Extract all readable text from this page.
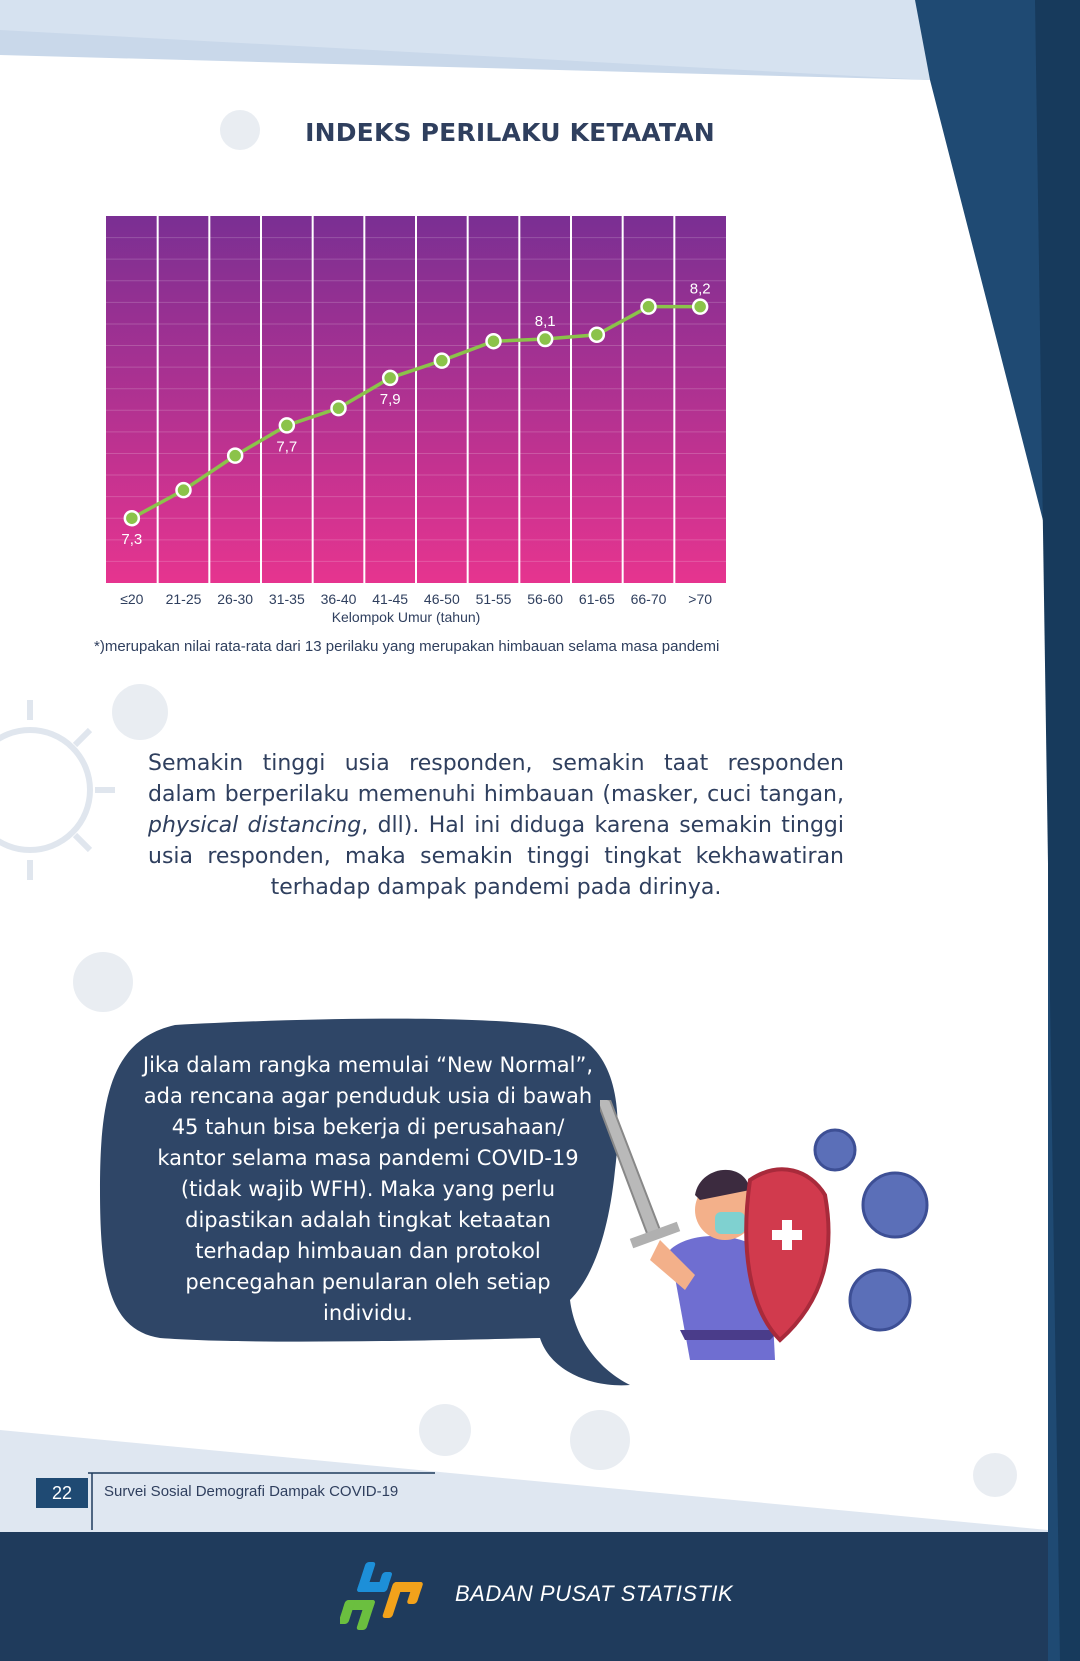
INDEKS PERILAKU KETAATAN
7,3
7,7
7,9
8,1
8,2
≤20 21-25 26-30 31-35 36-40 41-45 46-50 51-55 56-60 61-65 66-70 >70
Kelompok Umur (tahun)
*)merupakan nilai rata-rata dari 13 perilaku yang merupakan himbauan selama masa pandemi
Semakin tinggi usia responden, semakin taat responden dalam berperilaku memenuhi himbauan (masker, cuci tangan, physical distancing, dll). Hal ini diduga karena semakin tinggi usia responden, maka semakin tinggi tingkat kekhawatiran terhadap dampak pandemi pada dirinya.
Jika dalam rangka memulai “New Normal”, ada rencana agar penduduk usia di bawah 45 tahun bisa bekerja di perusahaan/ kantor selama masa pandemi COVID-19 (tidak wajib WFH). Maka yang perlu dipastikan adalah tingkat ketaatan terhadap himbauan dan protokol pencegahan penularan oleh setiap individu.
22	Survei Sosial Demografi Dampak COVID-19
BADAN PUSAT STATISTIK
